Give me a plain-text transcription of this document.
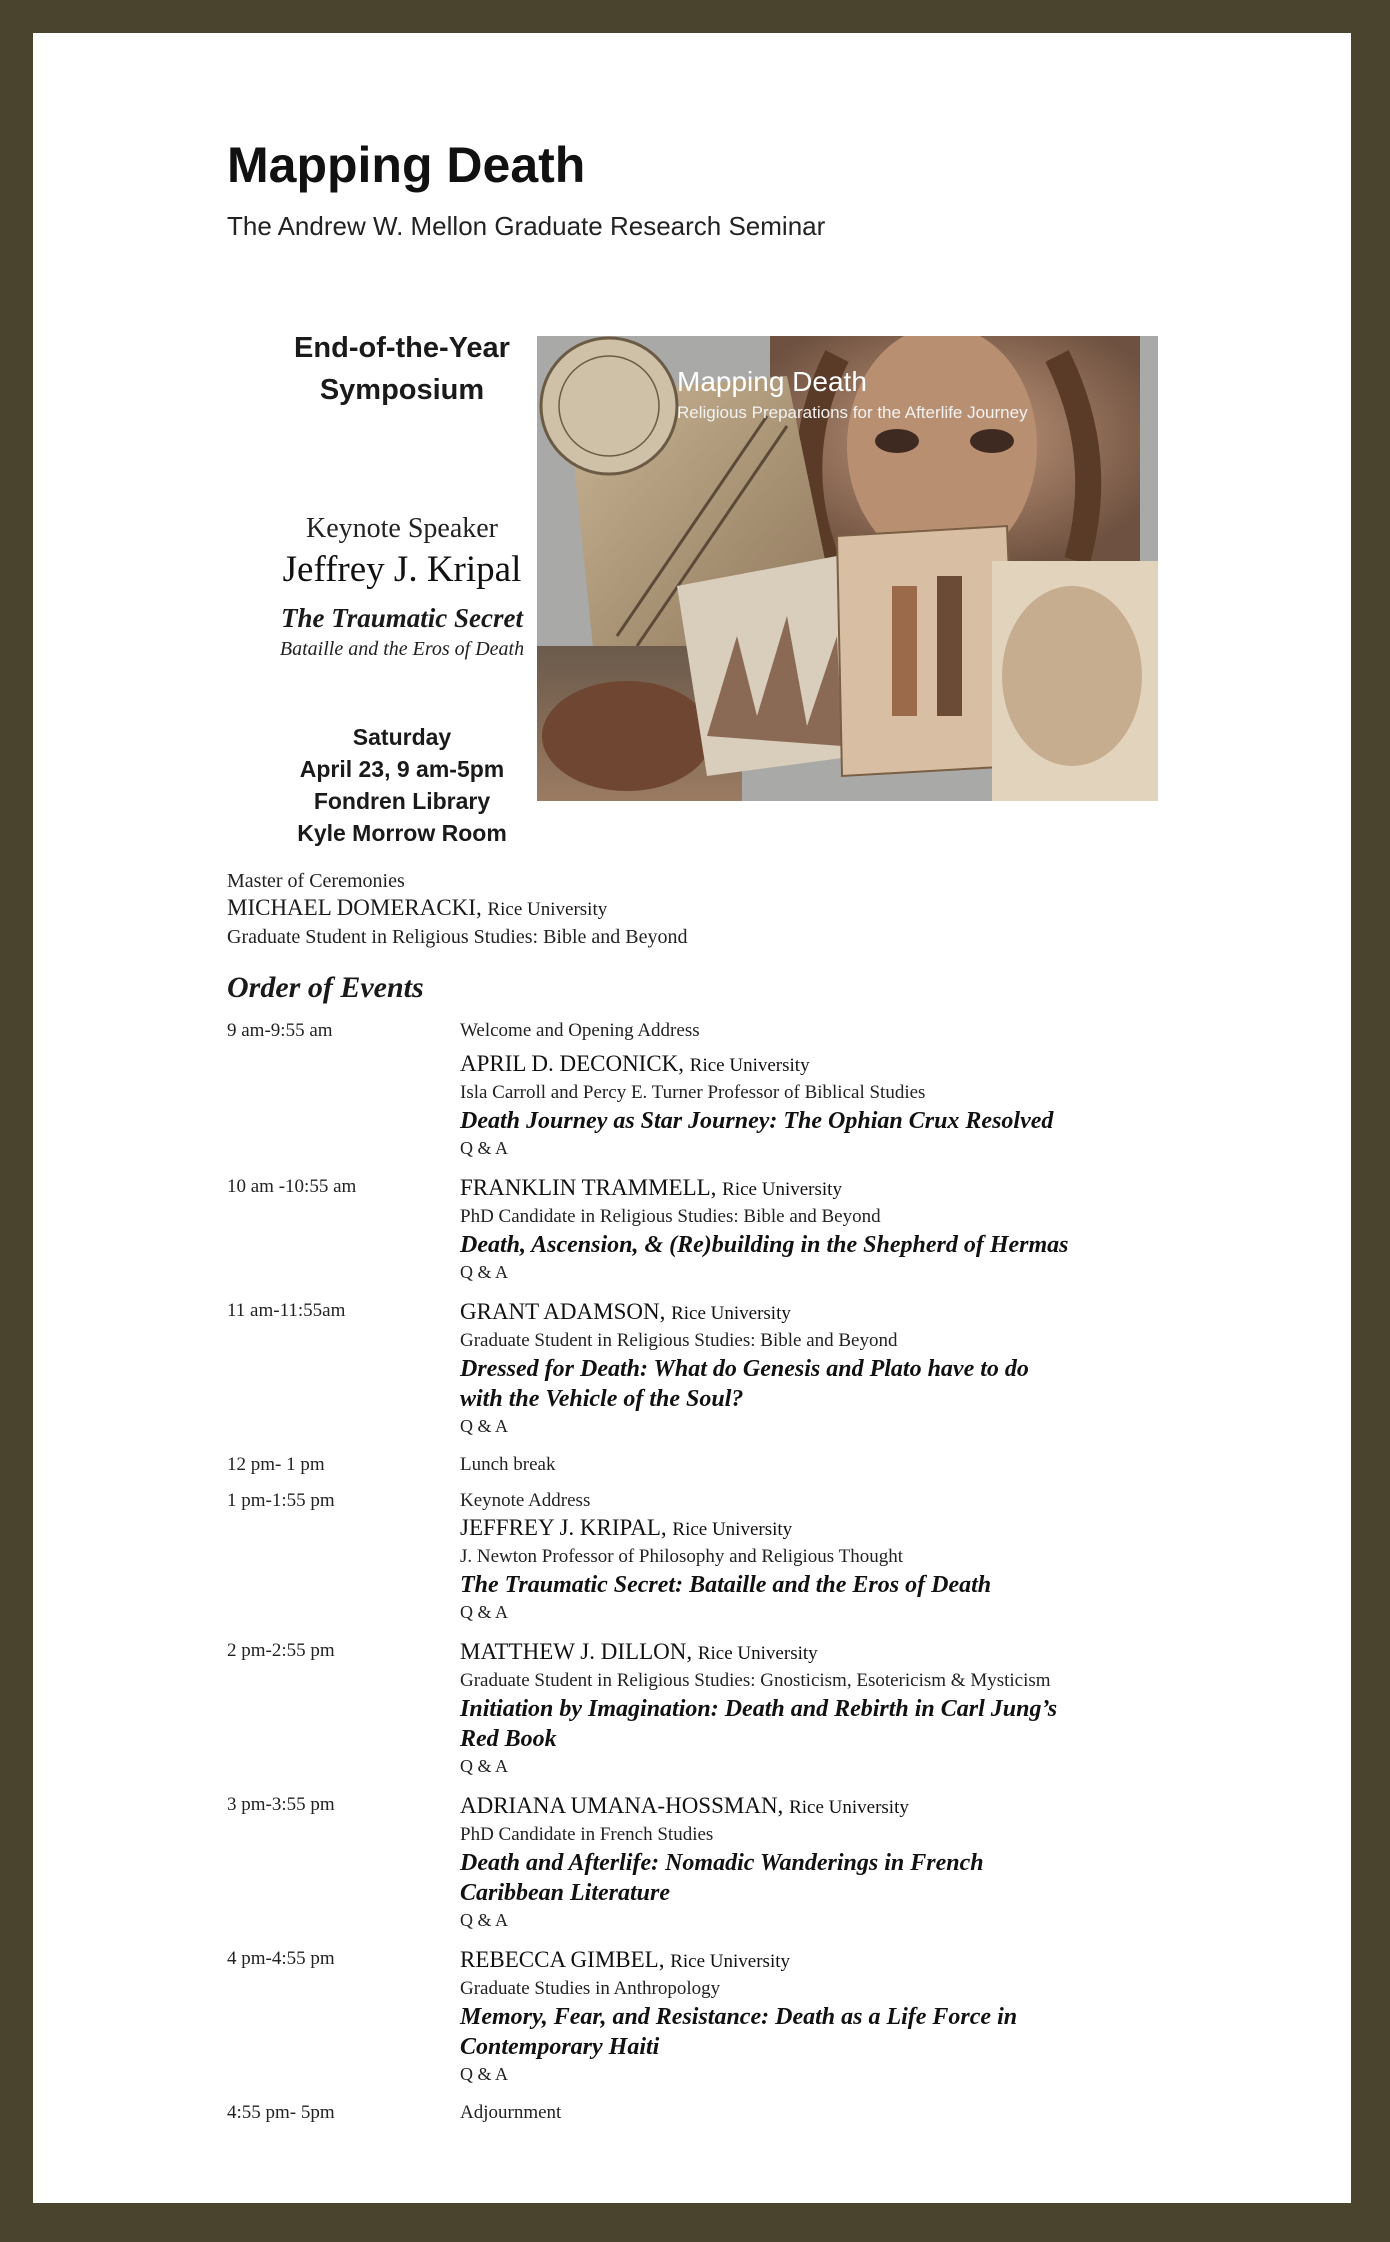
Mapping Death
The Andrew W. Mellon Graduate Research Seminar
End-of-the-Year
Symposium
Keynote Speaker
Jeffrey J. Kripal
The Traumatic Secret
Bataille and the Eros of Death
Saturday
April 23, 9 am-5pm
Fondren Library
Kyle Morrow Room
Mapping Death
Religious Preparations for the Afterlife Journey
Master of Ceremonies
MICHAEL DOMERACKI, Rice University
Graduate Student in Religious Studies: Bible and Beyond
Order of Events
9 am-9:55 am	Welcome and Opening Address
APRIL D. DECONICK, Rice University
Isla Carroll and Percy E. Turner Professor of Biblical Studies
Death Journey as Star Journey: The Ophian Crux Resolved
Q & A
10 am -10:55 am	FRANKLIN TRAMMELL, Rice University
PhD Candidate in Religious Studies: Bible and Beyond
Death, Ascension, & (Re)building in the Shepherd of Hermas
Q & A
11 am-11:55am	GRANT ADAMSON, Rice University
Graduate Student in Religious Studies: Bible and Beyond
Dressed for Death: What do Genesis and Plato have to do
with the Vehicle of the Soul?
Q & A
12 pm- 1 pm	Lunch break
1 pm-1:55 pm	Keynote Address
JEFFREY J. KRIPAL, Rice University
J. Newton Professor of Philosophy and Religious Thought
The Traumatic Secret: Bataille and the Eros of Death
Q & A
2 pm-2:55 pm	MATTHEW J. DILLON, Rice University
Graduate Student in Religious Studies: Gnosticism, Esotericism & Mysticism
Initiation by Imagination: Death and Rebirth in Carl Jung’s
Red Book
Q & A
3 pm-3:55 pm	ADRIANA UMANA-HOSSMAN, Rice University
PhD Candidate in French Studies
Death and Afterlife: Nomadic Wanderings in French
Caribbean Literature
Q & A
4 pm-4:55 pm	REBECCA GIMBEL, Rice University
Graduate Studies in Anthropology
Memory, Fear, and Resistance: Death as a Life Force in
Contemporary Haiti
Q & A
4:55 pm- 5pm	Adjournment
